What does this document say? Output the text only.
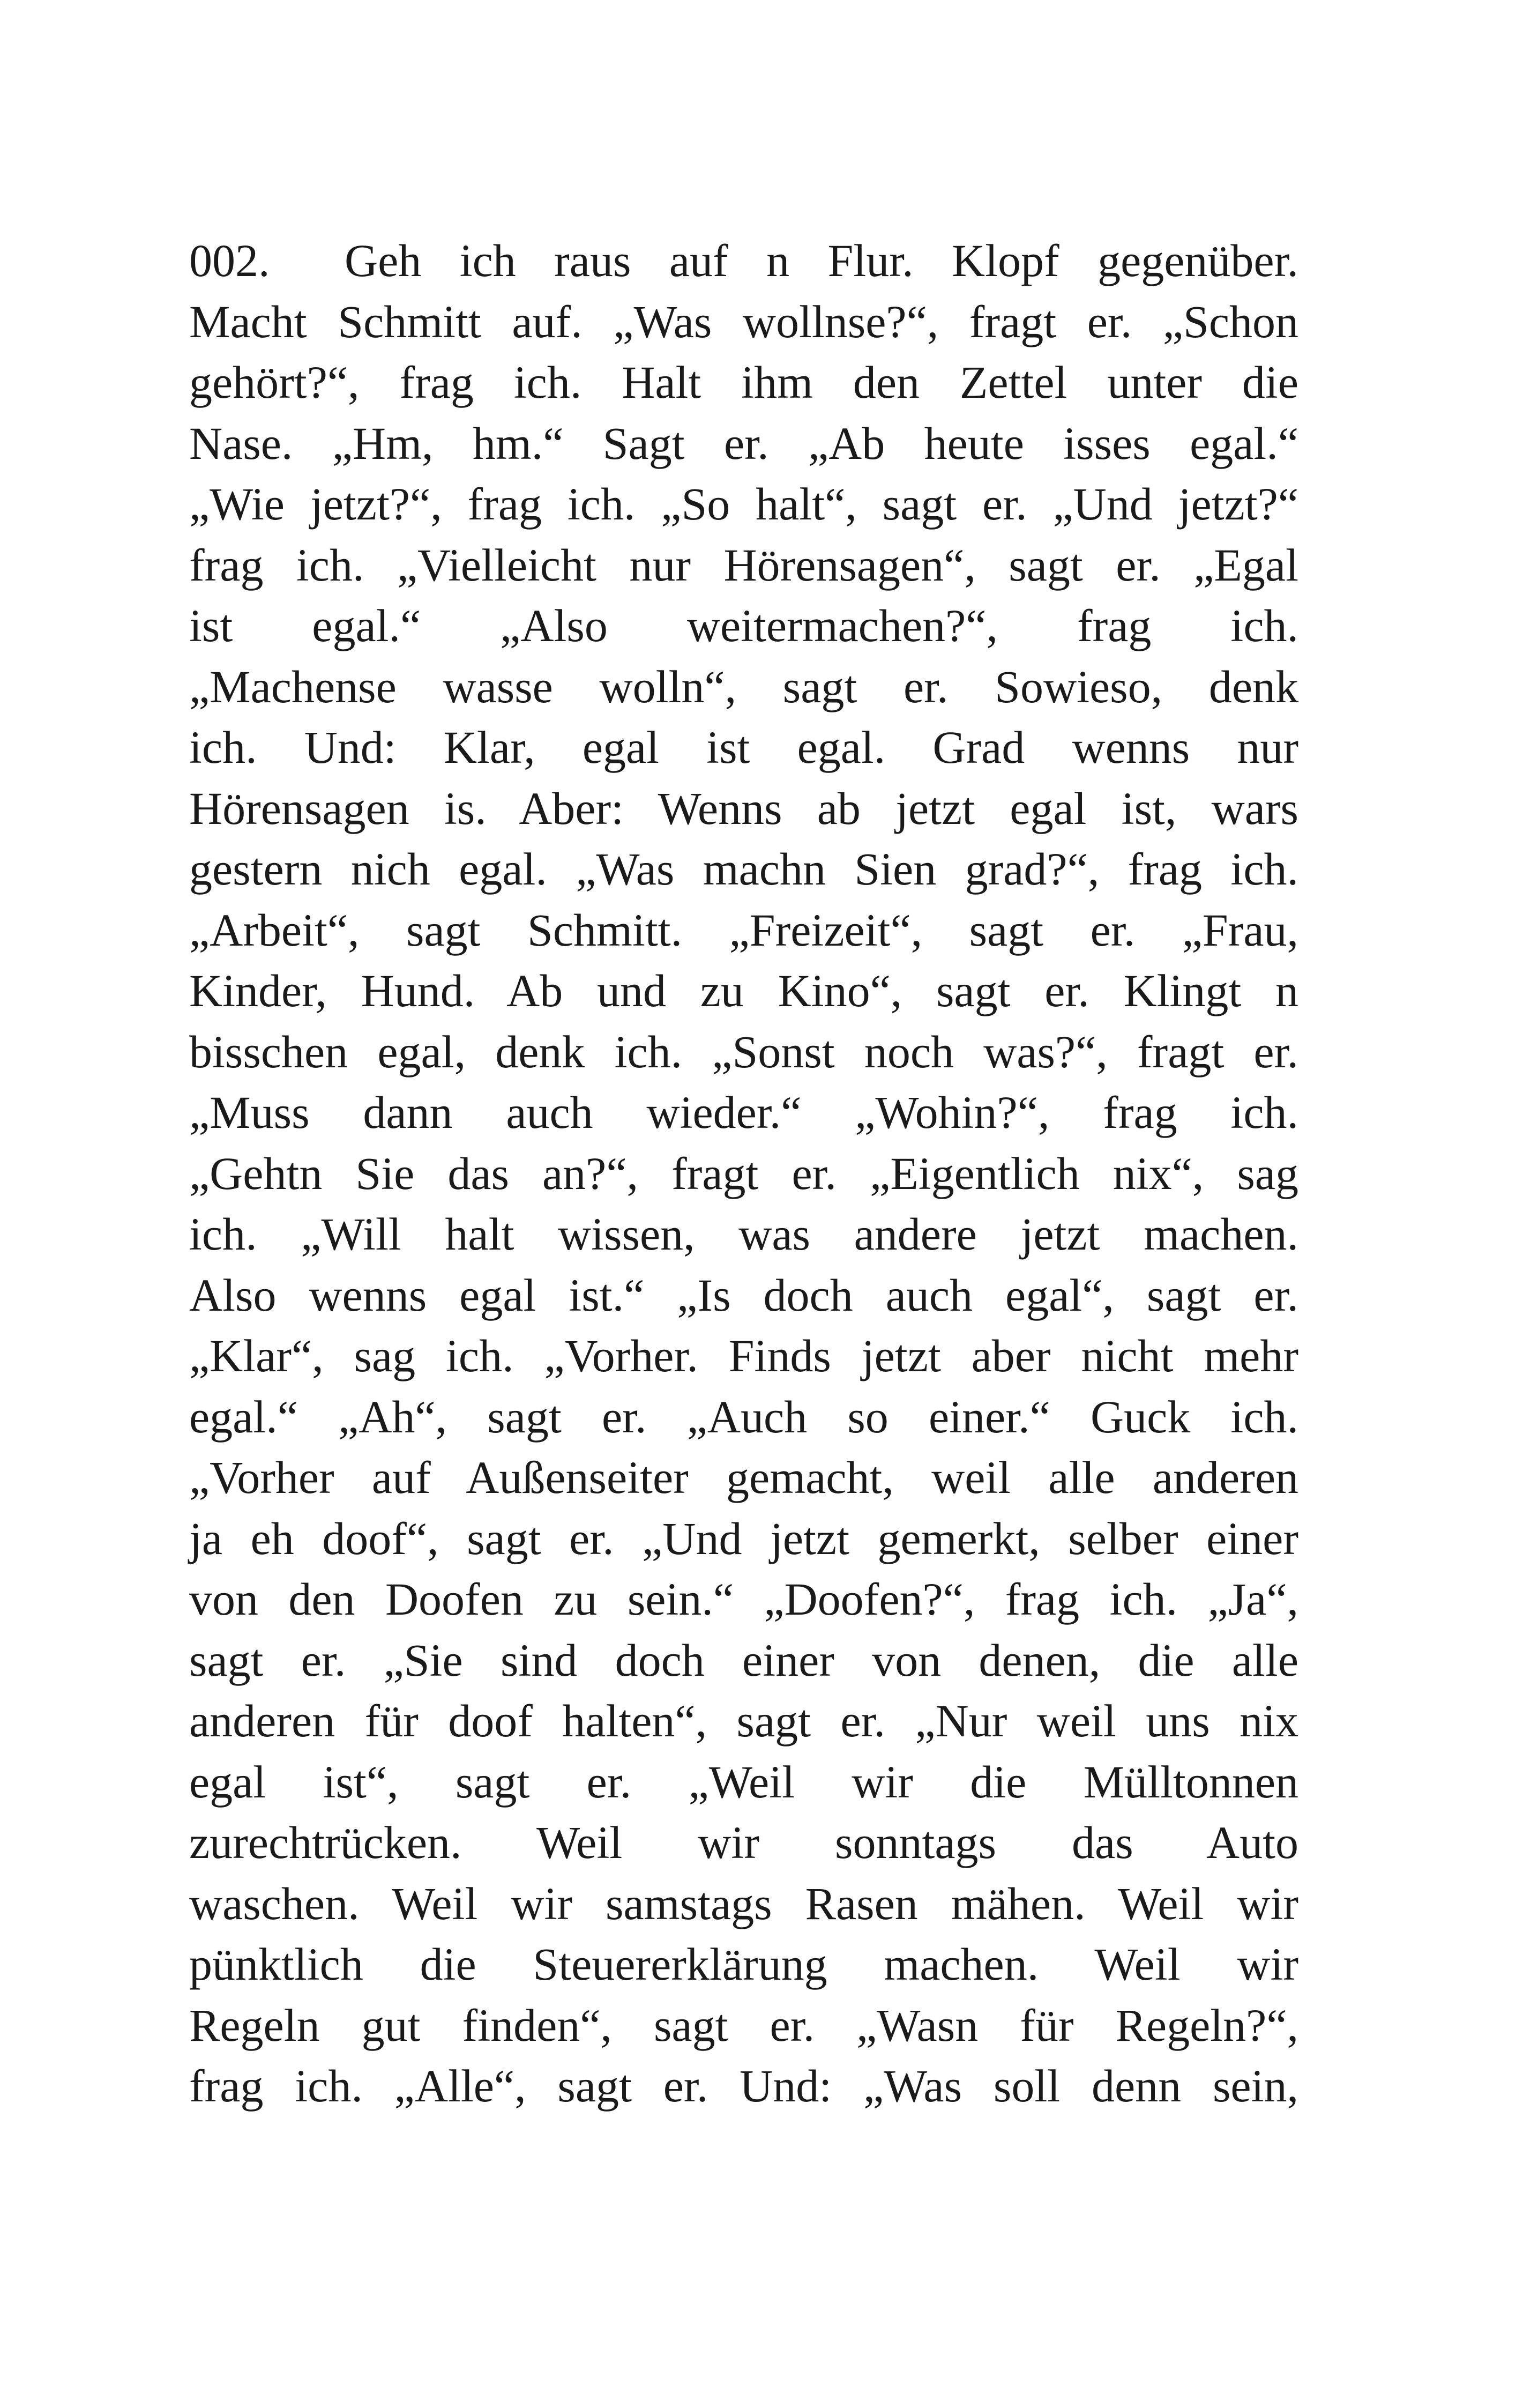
002. Geh ich raus auf n Flur. Klopf gegenüber.
Macht Schmitt auf. „Was wollnse?“, fragt er. „Schon
gehört?“, frag ich. Halt ihm den Zettel unter die
Nase. „Hm, hm.“ Sagt er. „Ab heute isses egal.“
„Wie jetzt?“, frag ich. „So halt“, sagt er. „Und jetzt?“
frag ich. „Vielleicht nur Hörensagen“, sagt er. „Egal
ist egal.“ „Also weitermachen?“, frag ich.
„Machense wasse wolln“, sagt er. Sowieso, denk
ich. Und: Klar, egal ist egal. Grad wenns nur
Hörensagen is. Aber: Wenns ab jetzt egal ist, wars
gestern nich egal. „Was machn Sien grad?“, frag ich.
„Arbeit“, sagt Schmitt. „Freizeit“, sagt er. „Frau,
Kinder, Hund. Ab und zu Kino“, sagt er. Klingt n
bisschen egal, denk ich. „Sonst noch was?“, fragt er.
„Muss dann auch wieder.“ „Wohin?“, frag ich.
„Gehtn Sie das an?“, fragt er. „Eigentlich nix“, sag
ich. „Will halt wissen, was andere jetzt machen.
Also wenns egal ist.“ „Is doch auch egal“, sagt er.
„Klar“, sag ich. „Vorher. Finds jetzt aber nicht mehr
egal.“ „Ah“, sagt er. „Auch so einer.“ Guck ich.
„Vorher auf Außenseiter gemacht, weil alle anderen
ja eh doof“, sagt er. „Und jetzt gemerkt, selber einer
von den Doofen zu sein.“ „Doofen?“, frag ich. „Ja“,
sagt er. „Sie sind doch einer von denen, die alle
anderen für doof halten“, sagt er. „Nur weil uns nix
egal ist“, sagt er. „Weil wir die Mülltonnen
zurechtrücken. Weil wir sonntags das Auto
waschen. Weil wir samstags Rasen mähen. Weil wir
pünktlich die Steuererklärung machen. Weil wir
Regeln gut finden“, sagt er. „Wasn für Regeln?“,
frag ich. „Alle“, sagt er. Und: „Was soll denn sein,
